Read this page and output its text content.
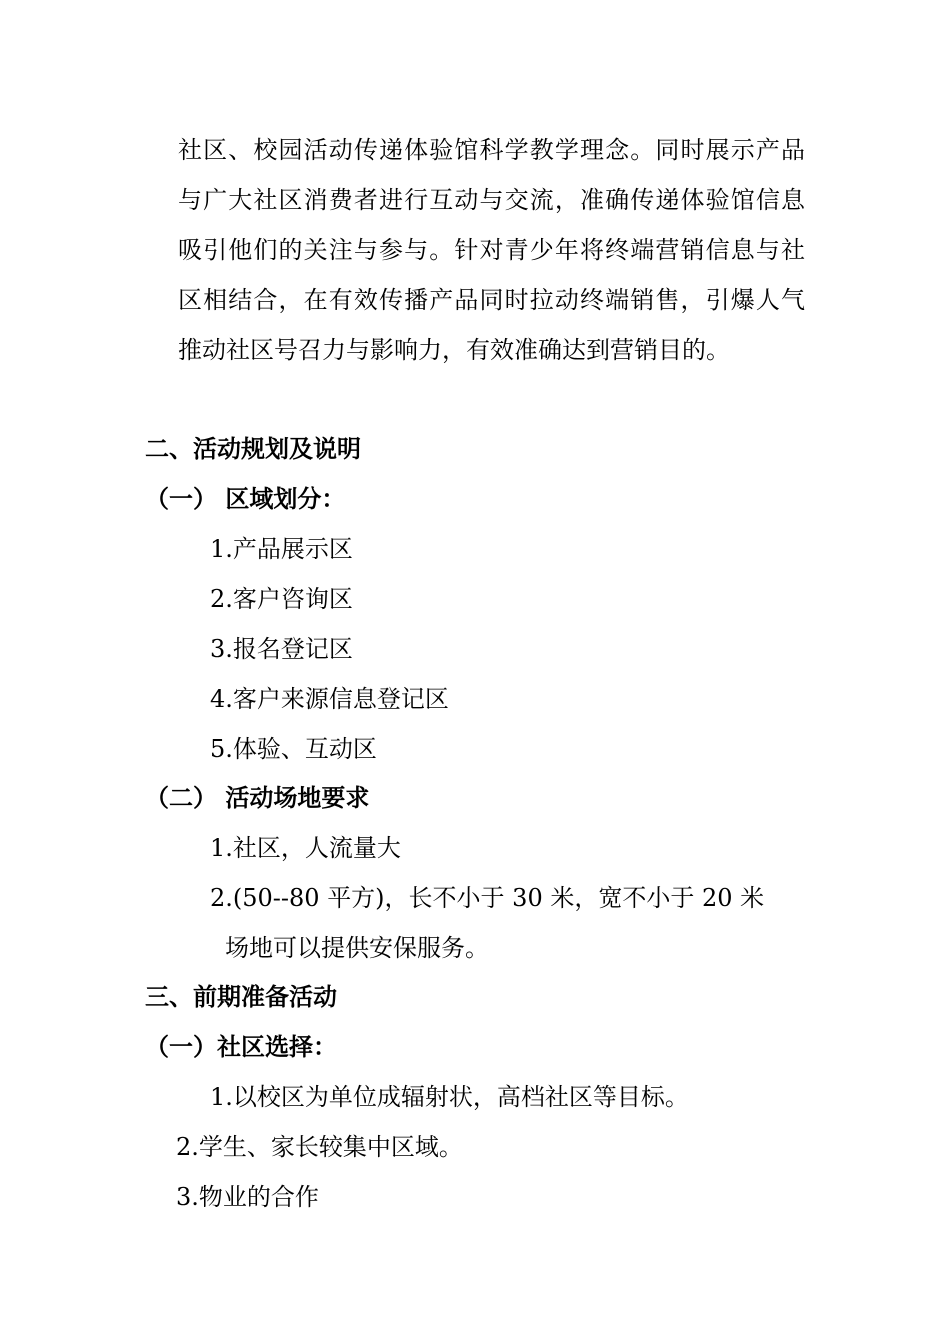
社区、校园活动传递体验馆科学教学理念。同时展示产品
与广大社区消费者进行互动与交流，准确传递体验馆信息
吸引他们的关注与参与。针对青少年将终端营销信息与社
区相结合，在有效传播产品同时拉动终端销售，引爆人气
推动社区号召力与影响力，有效准确达到营销目的。
二、活动规划及说明
（一） 区域划分：
1.产品展示区
2.客户咨询区
3.报名登记区
4.客户来源信息登记区
5.体验、互动区
（二） 活动场地要求
1.社区，人流量大
2.(50--80 平方)，长不小于 30 米，宽不小于 20 米
场地可以提供安保服务。
三、前期准备活动
（一）社区选择：
1.以校区为单位成辐射状，高档社区等目标。
2.学生、家长较集中区域。
3.物业的合作
